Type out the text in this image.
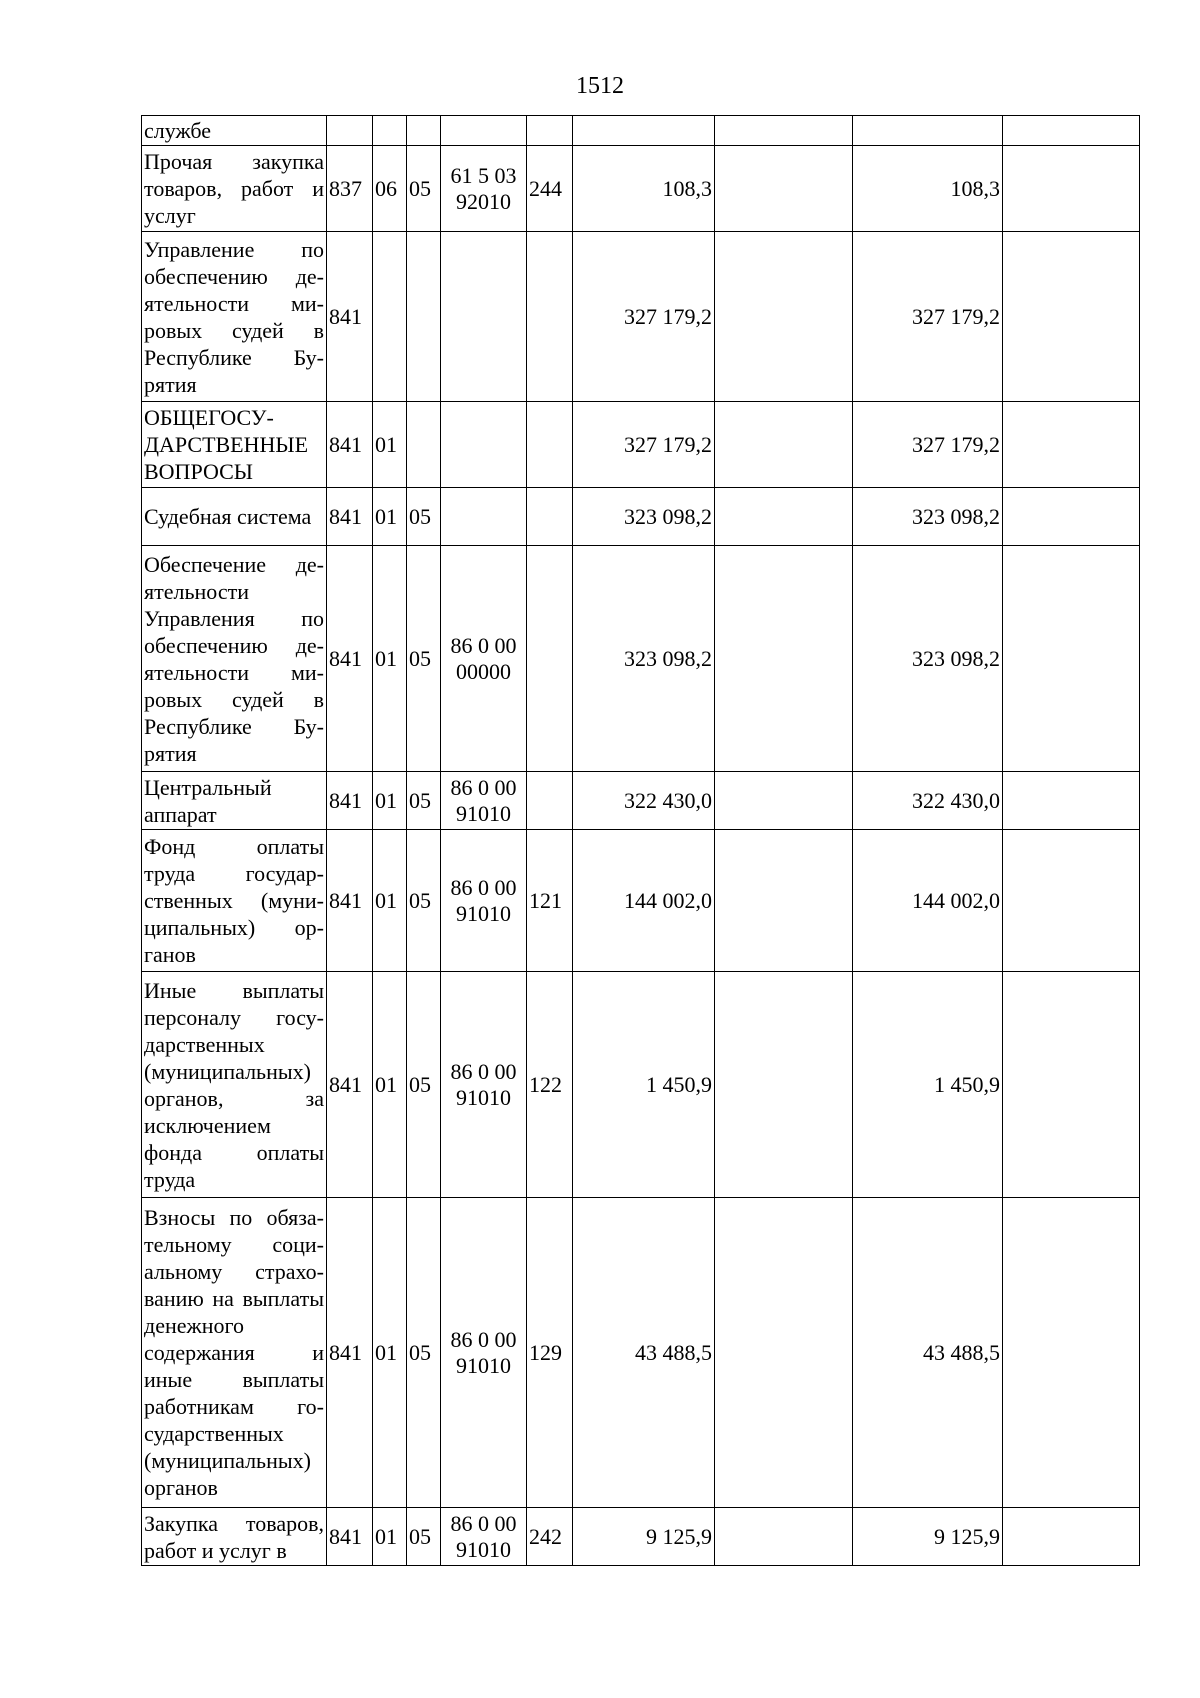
1512
службе									
Прочая закупка товаров, работ и услуг	837	06	05	61 5 03 92010	244	108,3		108,3	
Управление по обеспечению деятельности мировых судей в Республике Бурятия	841					327 179,2		327 179,2	
ОБЩЕГОСУДАРСТВЕННЫЕ ВОПРОСЫ	841	01				327 179,2		327 179,2	
Судебная система	841	01	05			323 098,2		323 098,2	
Обеспечение деятельности Управления по обеспечению деятельности мировых судей в Республике Бурятия	841	01	05	86 0 00 00000		323 098,2		323 098,2	
Центральный аппарат	841	01	05	86 0 00 91010		322 430,0		322 430,0	
Фонд оплаты труда государственных (муниципальных) органов	841	01	05	86 0 00 91010	121	144 002,0		144 002,0	
Иные выплаты персоналу государственных (муниципальных) органов, за исключением фонда оплаты труда	841	01	05	86 0 00 91010	122	1 450,9		1 450,9	
Взносы по обязательному социальному страхованию на выплаты денежного содержания и иные выплаты работникам государственных (муниципальных) органов	841	01	05	86 0 00 91010	129	43 488,5		43 488,5	
Закупка товаров, работ и услуг в	841	01	05	86 0 00 91010	242	9 125,9		9 125,9	
